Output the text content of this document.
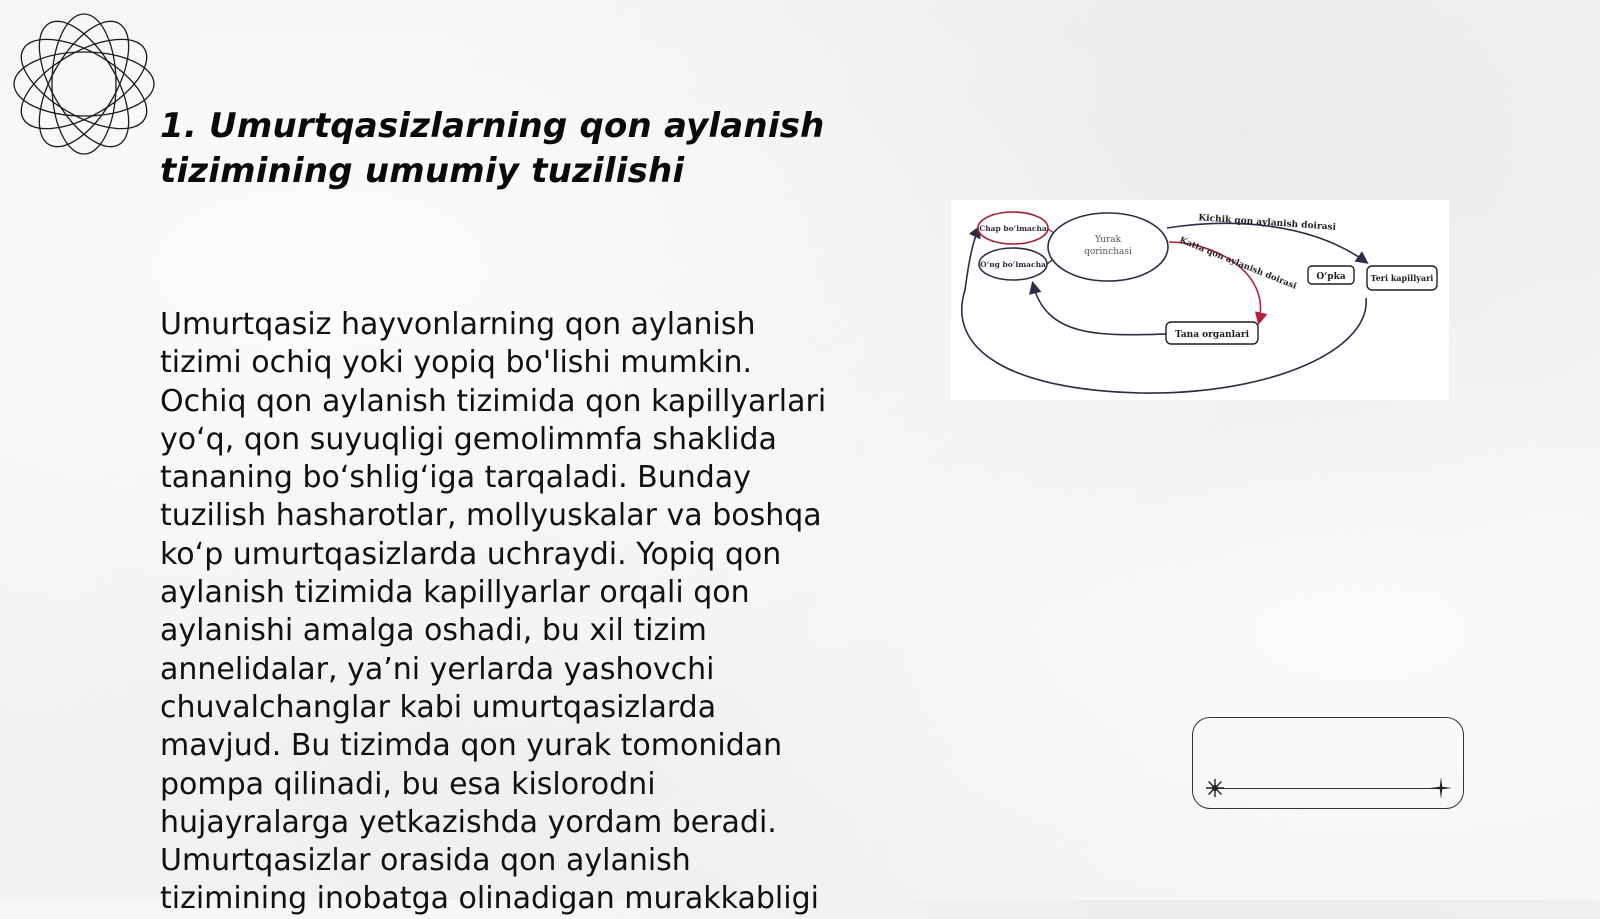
1. Umurtqasizlarning qon aylanish tizimining umumiy tuzilishi

Umurtqasiz hayvonlarning qon aylanish tizimi ochiq yoki yopiq bo'lishi mumkin. Ochiq qon aylanish tizimida qon kapillyarlari yo‘q, qon suyuqligi gemolimmfa shaklida tananing bo‘shlig‘iga tarqaladi. Bunday tuzilish hasharotlar, mollyuskalar va boshqa ko‘p umurtqasizlarda uchraydi. Yopiq qon aylanish tizimida kapillyarlar orqali qon aylanishi amalga oshadi, bu xil tizim annelidalar, ya’ni yerlarda yashovchi chuvalchanglar kabi umurtqasizlarda mavjud. Bu tizimda qon yurak tomonidan pompa qilinadi, bu esa kislorodni hujayralarga yetkazishda yordam beradi. Umurtqasizlar orasida qon aylanish tizimining inobatga olinadigan murakkabligi

Chap bo‘lmacha
O‘ng bo‘lmacha
Yurak qorinchasi
Kichik qon aylanish doirasi
Katta qon aylanish doirasi O‘pka	Teri kapillyari
Tana organlari
